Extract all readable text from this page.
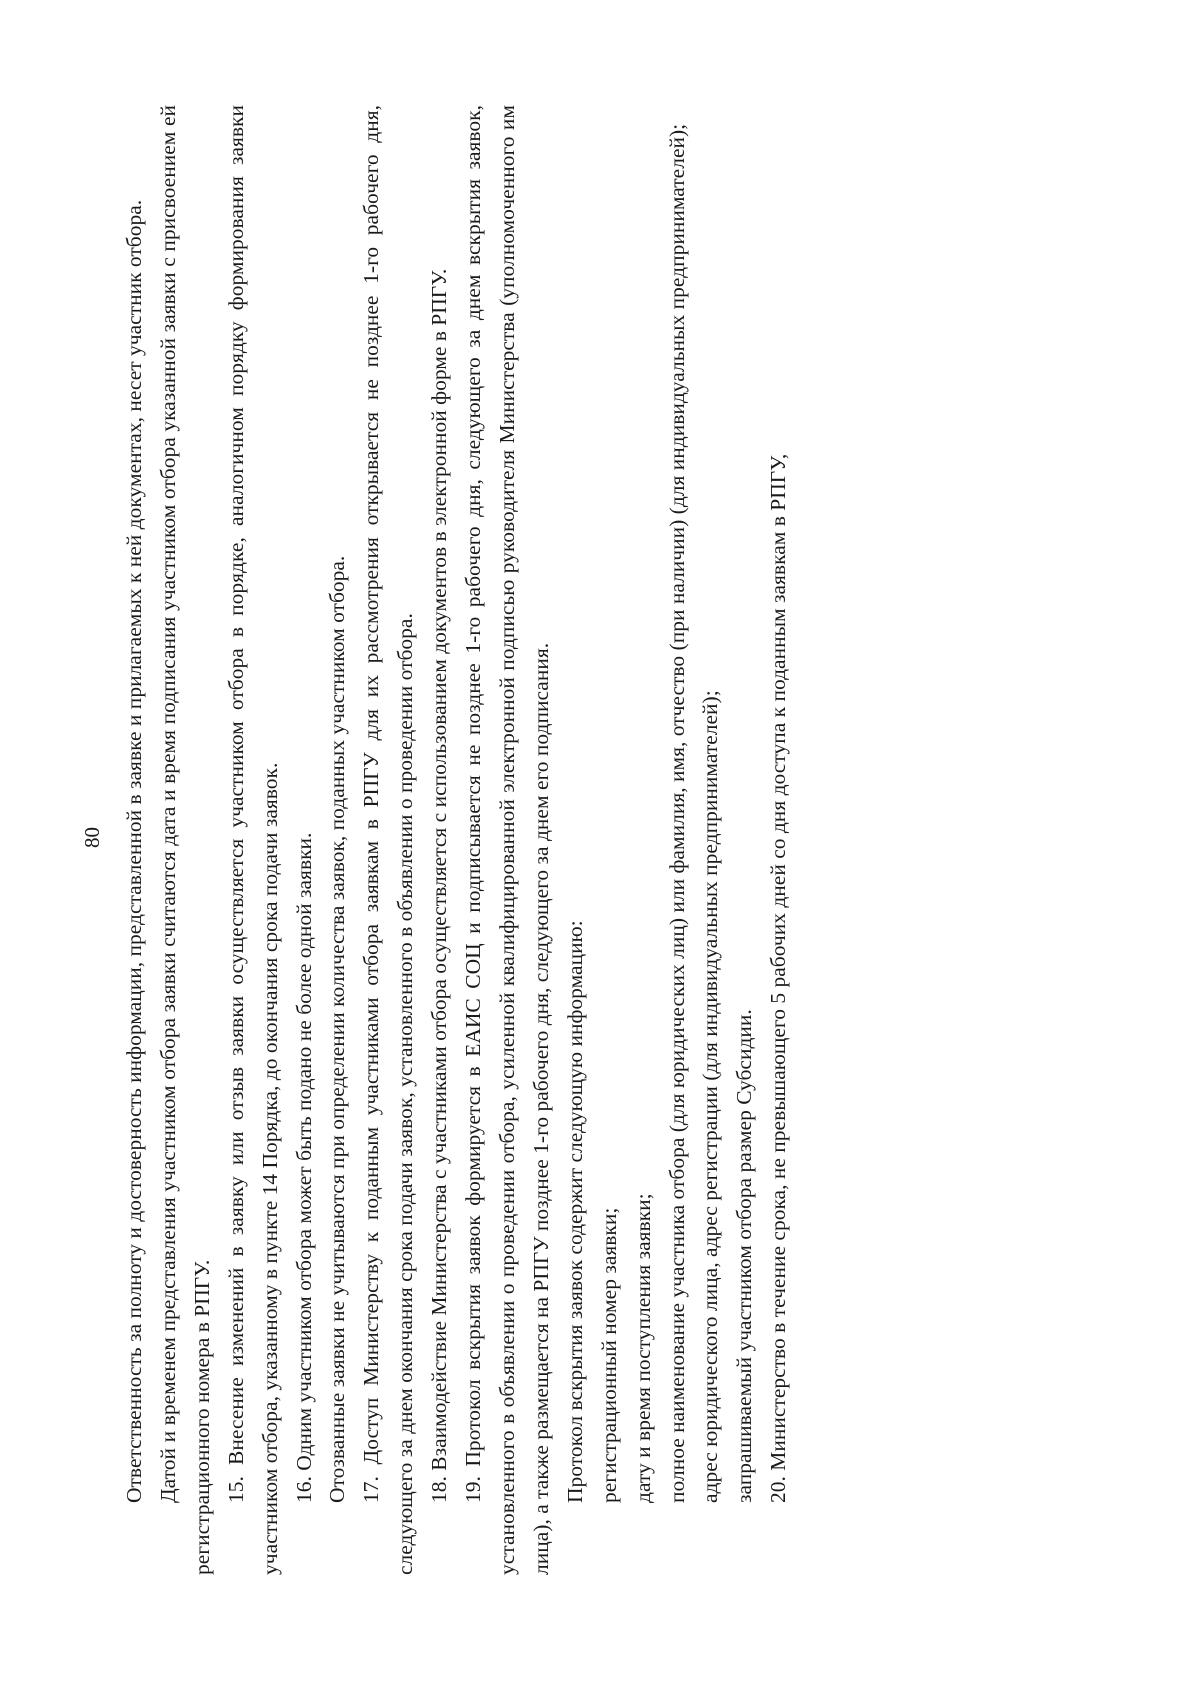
80 Ответственность за полноту и достоверность информации, представленной в заявке и прилагаемых к ней документах, несет участник отбора. Датой и временем представления участником отбора заявки считаются дата и время подписания участником отбора указанной заявки с присвоением ей регистрационного номера в РПГУ. 15. Внесение изменений в заявку или отзыв заявки осуществляется участником отбора в порядке, аналогичном порядку формирования заявки участником отбора, указанному в пункте 14 Порядка, до окончания срока подачи заявок. 16. Одним участником отбора может быть подано не более одной заявки. Отозванные заявки не учитываются при определении количества заявок, поданных участником отбора. 17. Доступ Министерству к поданным участниками отбора заявкам в РПГУ для их рассмотрения открывается не позднее 1-го рабочего дня, следующего за днем окончания срока подачи заявок, установленного в объявлении о проведении отбора. 18. Взаимодействие Министерства с участниками отбора осуществляется с использованием документов в электронной форме в РПГУ. 19. Протокол вскрытия заявок формируется в ЕАИС СОЦ и подписывается не позднее 1-го рабочего дня, следующего за днем вскрытия заявок, установленного в объявлении о проведении отбора, усиленной квалифицированной электронной подписью руководителя Министерства (уполномоченного им лица), а также размещается на РПГУ позднее 1-го рабочего дня, следующего за днем его подписания. Протокол вскрытия заявок содержит следующую информацию: регистрационный номер заявки; дату и время поступления заявки; полное наименование участника отбора (для юридических лиц) или фамилия, имя, отчество (при наличии) (для индивидуальных предпринимателей); адрес юридического лица, адрес регистрации (для индивидуальных предпринимателей); запрашиваемый участником отбора размер Субсидии. 20. Министерство в течение срока, не превышающего 5 рабочих дней со дня доступа к поданным заявкам в РПГУ,
